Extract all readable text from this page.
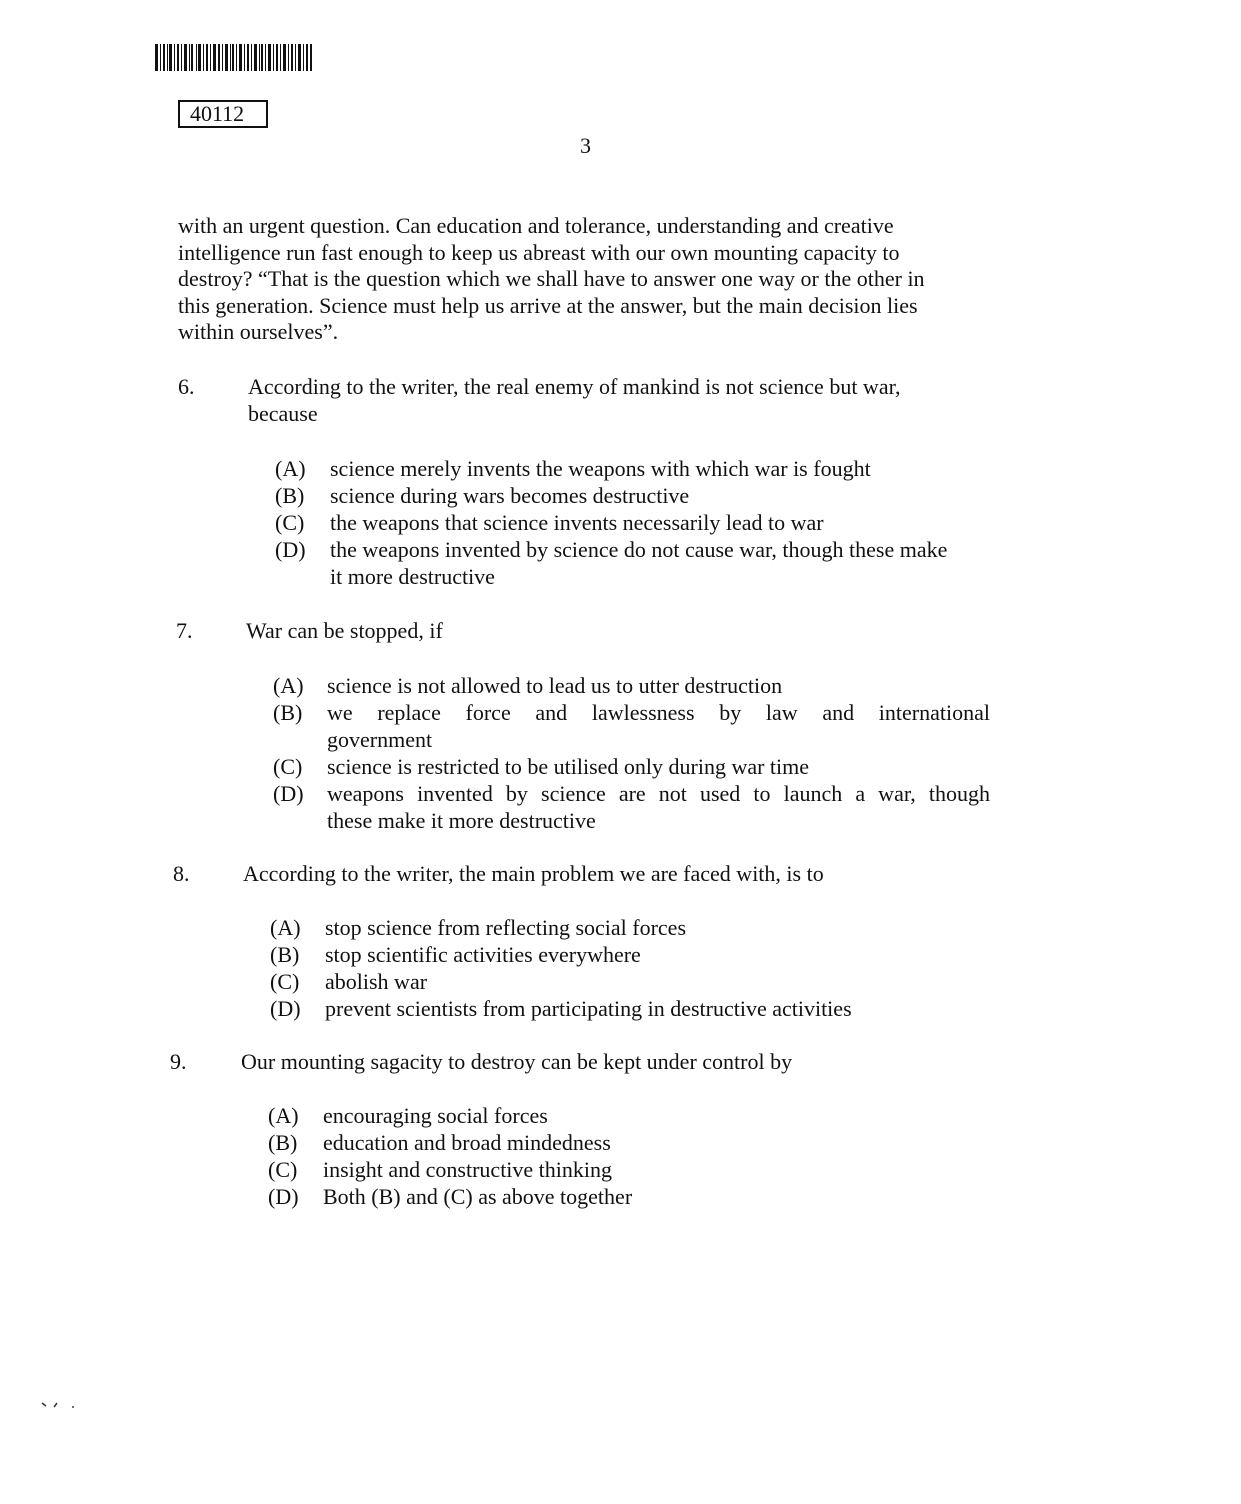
40112
3
with an urgent question. Can education and tolerance, understanding and creative
intelligence run fast enough to keep us abreast with our own mounting capacity to
destroy? “That is the question which we shall have to answer one way or the other in
this generation. Science must help us arrive at the answer, but the main decision lies
within ourselves”.
6. According to the writer, the real enemy of mankind is not science but war,
because
(A) science merely invents the weapons with which war is fought
(B) science during wars becomes destructive
(C) the weapons that science invents necessarily lead to war
(D) the weapons invented by science do not cause war, though these make
it more destructive
7. War can be stopped, if
(A) science is not allowed to lead us to utter destruction
(B) we replace force and lawlessness by law and international
government
(C) science is restricted to be utilised only during war time
(D) weapons invented by science are not used to launch a war, though
these make it more destructive
8. According to the writer, the main problem we are faced with, is to
(A) stop science from reflecting social forces
(B) stop scientific activities everywhere
(C) abolish war
(D) prevent scientists from participating in destructive activities
9. Our mounting sagacity to destroy can be kept under control by
(A) encouraging social forces
(B) education and broad mindedness
(C) insight and constructive thinking
(D) Both (B) and (C) as above together
